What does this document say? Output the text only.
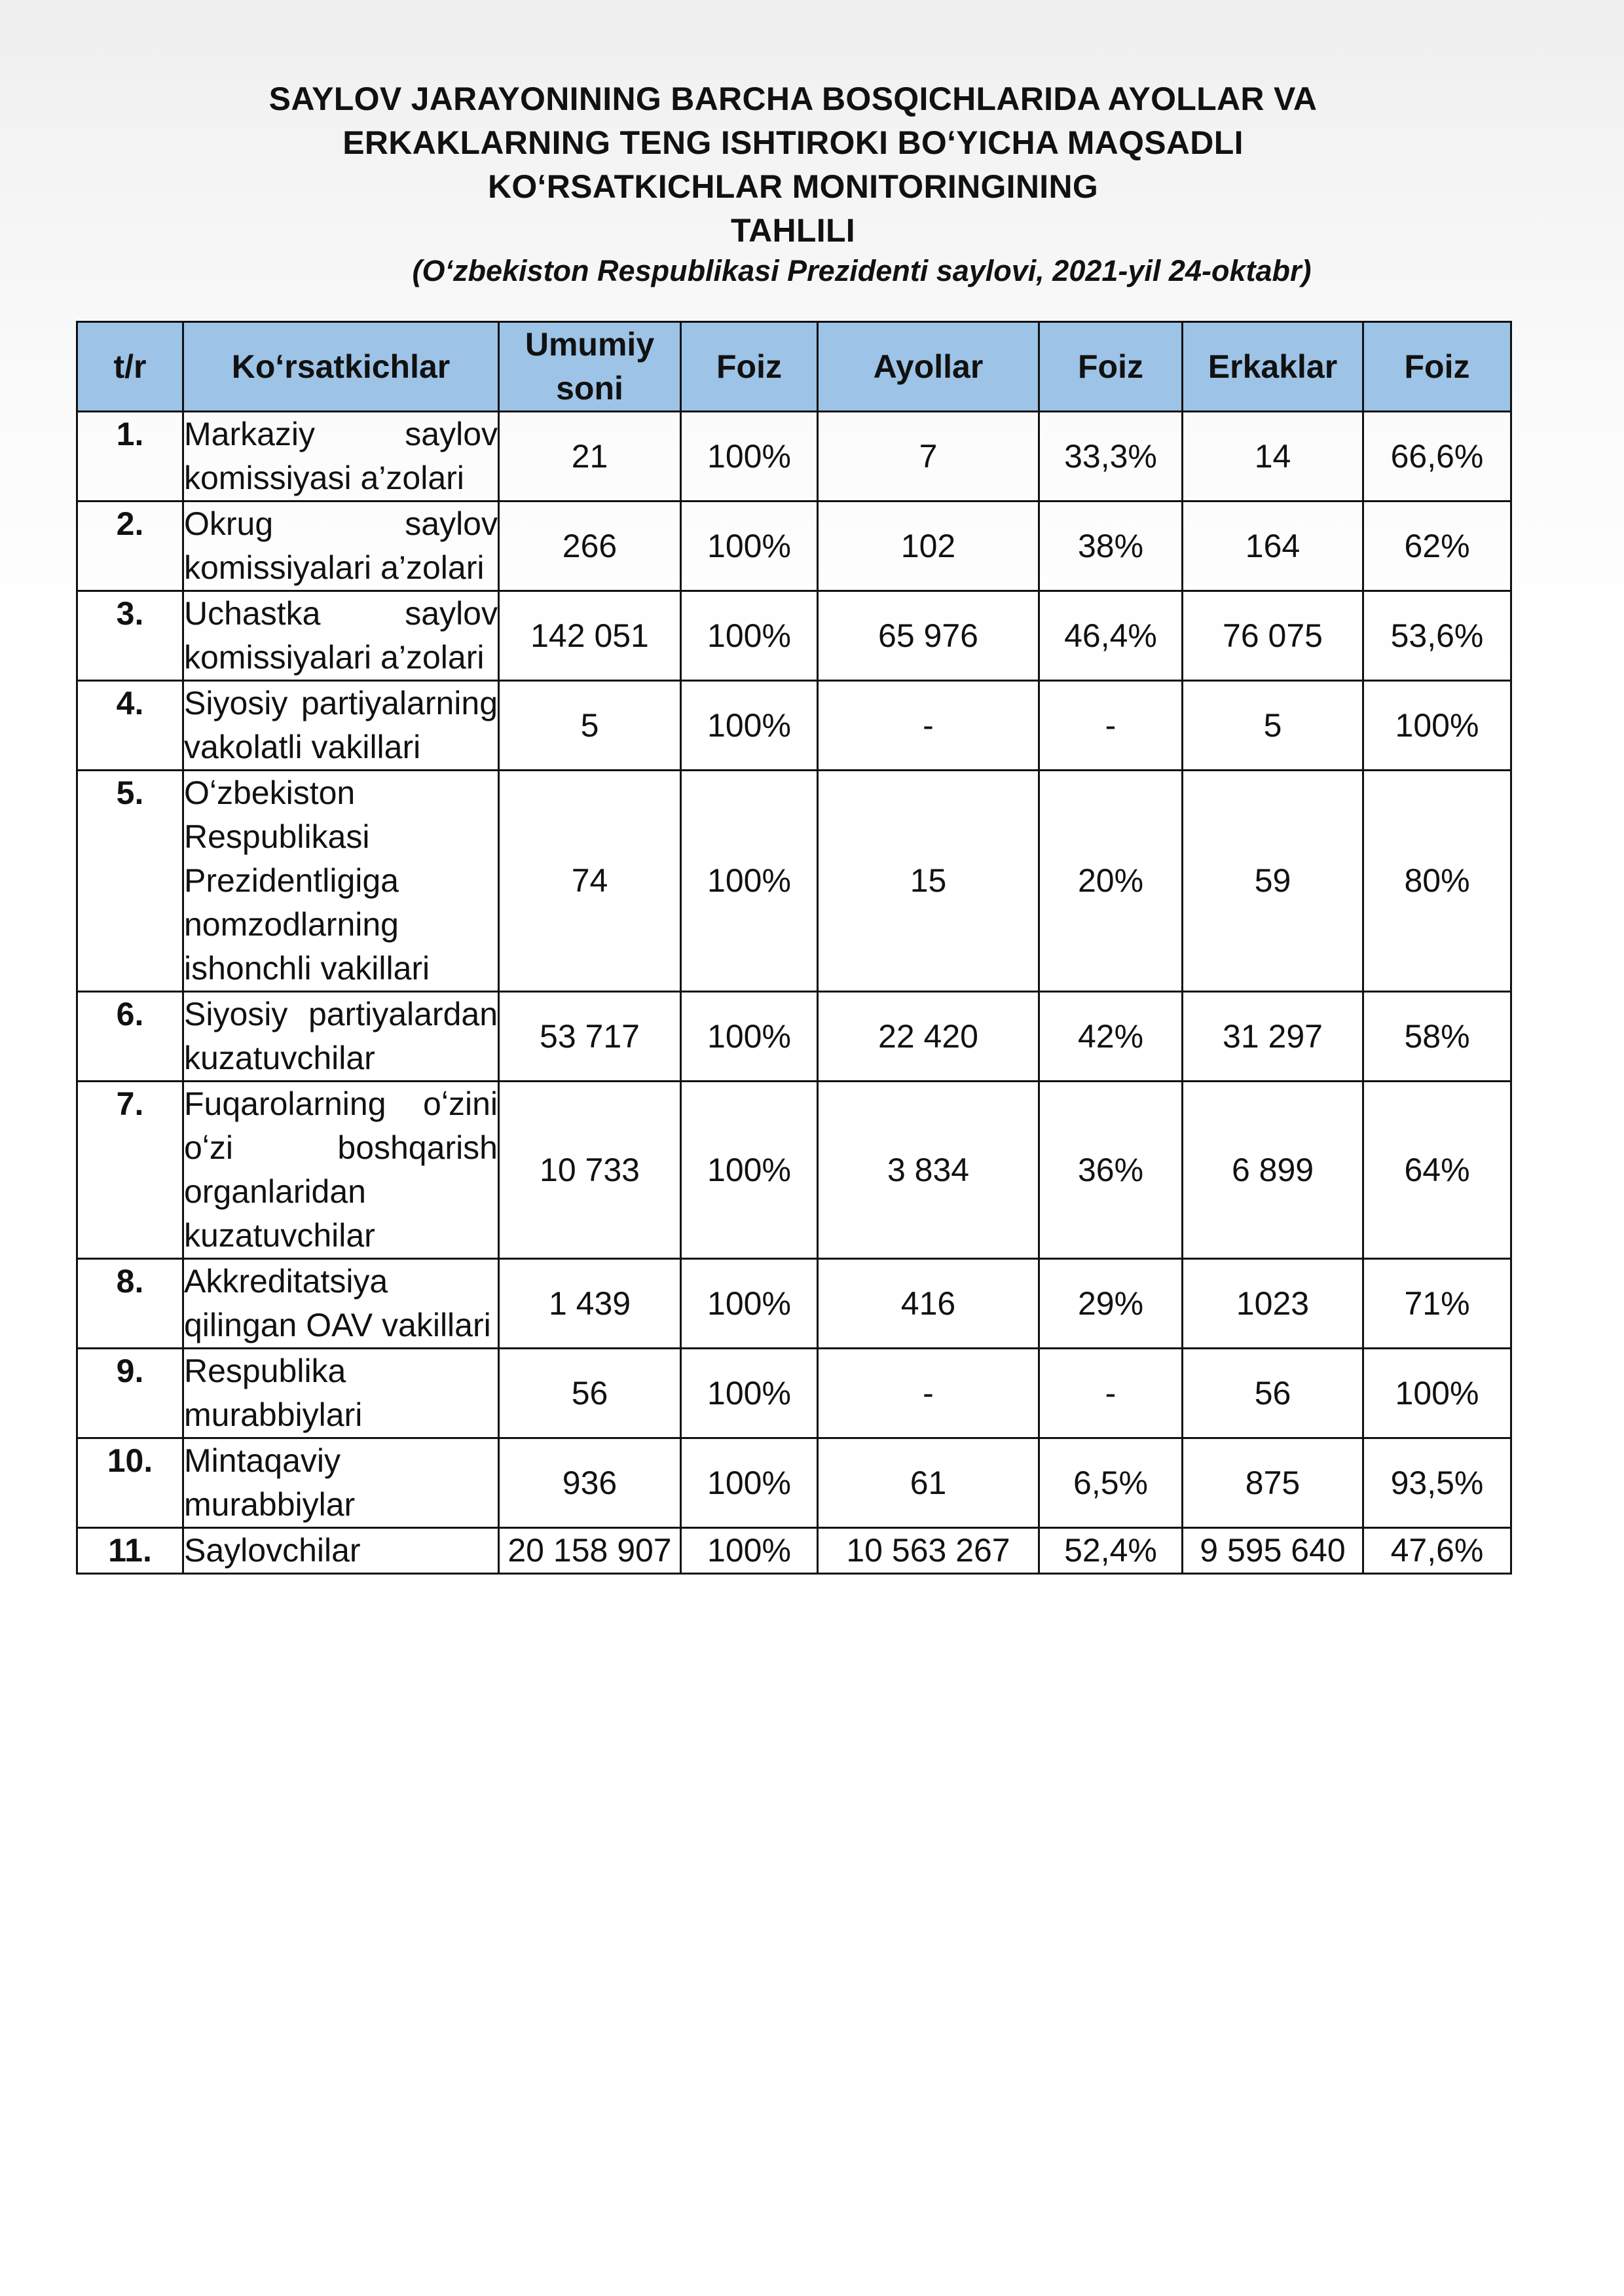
SAYLOV JARAYONINING BARCHA BOSQICHLARIDA AYOLLAR VA
ERKAKLARNING TENG ISHTIROKI BOʻYICHA MAQSADLI
KOʻRSATKICHLAR MONITORINGINING
TAHLILI
(Oʻzbekiston Respublikasi Prezidenti saylovi, 2021-yil 24-oktabr)
t/r	Koʻrsatkichlar	Umumiy soni	Foiz	Ayollar	Foiz	Erkaklar	Foiz
1.	Markaziy saylov komissiyasi a’zolari	21	100%	7	33,3%	14	66,6%
2.	Okrug saylov komissiyalari a’zolari	266	100%	102	38%	164	62%
3.	Uchastka saylov komissiyalari a’zolari	142 051	100%	65 976	46,4%	76 075	53,6%
4.	Siyosiy partiyalarning vakolatli vakillari	5	100%	-	-	5	100%
5.	Oʻzbekiston Respublikasi Prezidentligiga nomzodlarning ishonchli vakillari	74	100%	15	20%	59	80%
6.	Siyosiy partiyalardan kuzatuvchilar	53 717	100%	22 420	42%	31 297	58%
7.	Fuqarolarning oʻzini oʻzi boshqarish organlaridan kuzatuvchilar	10 733	100%	3 834	36%	6 899	64%
8.	Akkreditatsiya qilingan OAV vakillari	1 439	100%	416	29%	1023	71%
9.	Respublika murabbiylari	56	100%	-	-	56	100%
10.	Mintaqaviy murabbiylar	936	100%	61	6,5%	875	93,5%
11.	Saylovchilar	20 158 907	100%	10 563 267	52,4%	9 595 640	47,6%
